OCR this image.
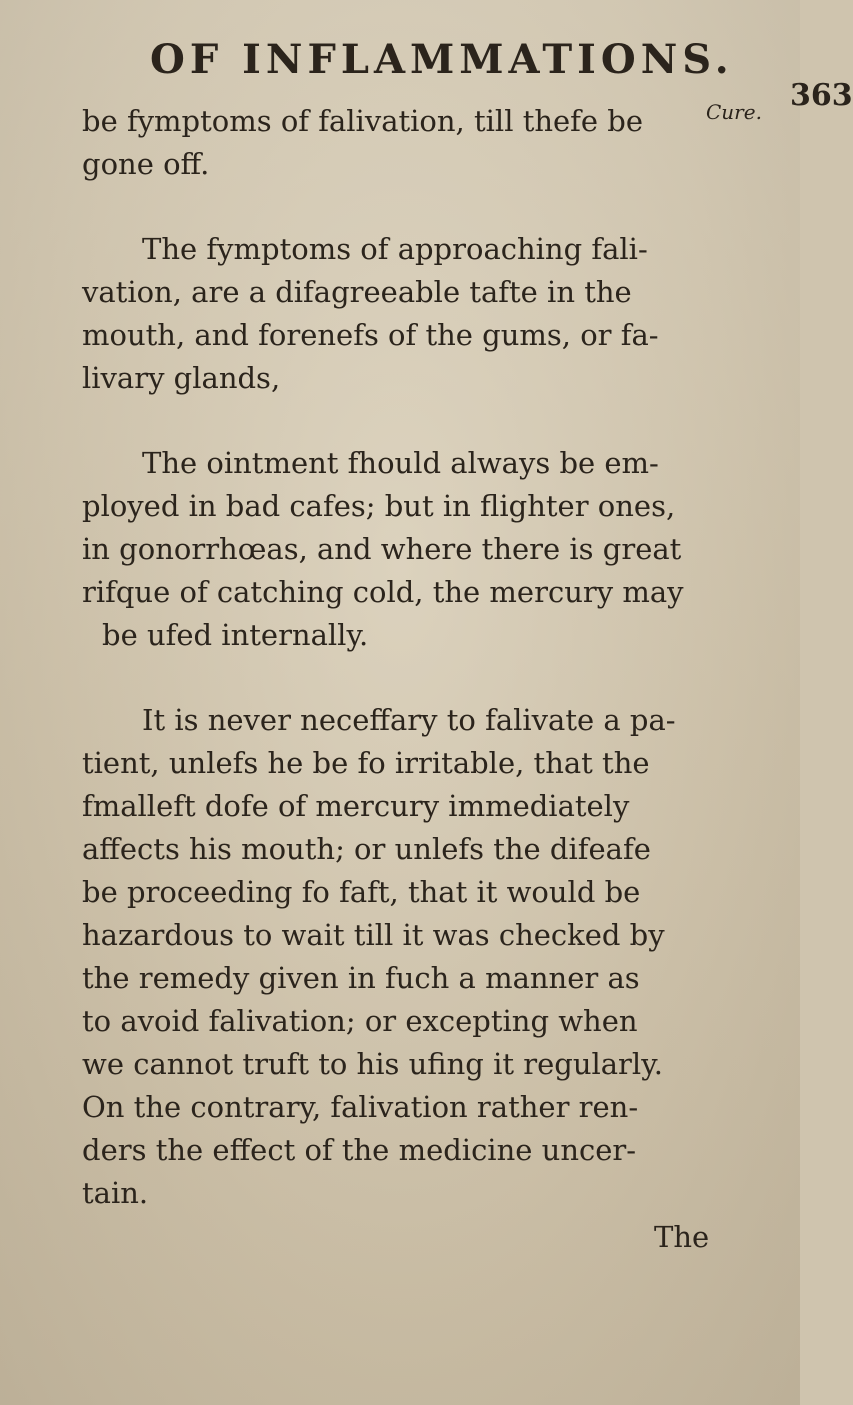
OF INFLAMMATIONS.
363
Cure.
be fymptoms of falivation, till thefe be
gone off.
The fymptoms of approaching fali-
vation, are a difagreeable tafte in the
mouth, and forenefs of the gums, or fa-
livary glands,
The ointment fhould always be em-
ployed in bad cafes; but in flighter ones,
in gonorrhœas, and where there is great
rifque of catching cold, the mercury may
be ufed internally.
It is never neceffary to falivate a pa-
tient, unlefs he be fo irritable, that the
fmalleft dofe of mercury immediately
affects his mouth; or unlefs the difeafe
be proceeding fo faft, that it would be
hazardous to wait till it was checked by
the remedy given in fuch a manner as
to avoid falivation; or excepting when
we cannot truft to his ufing it regularly.
On the contrary, falivation rather ren-
ders the effect of the medicine uncer-
tain.
The
